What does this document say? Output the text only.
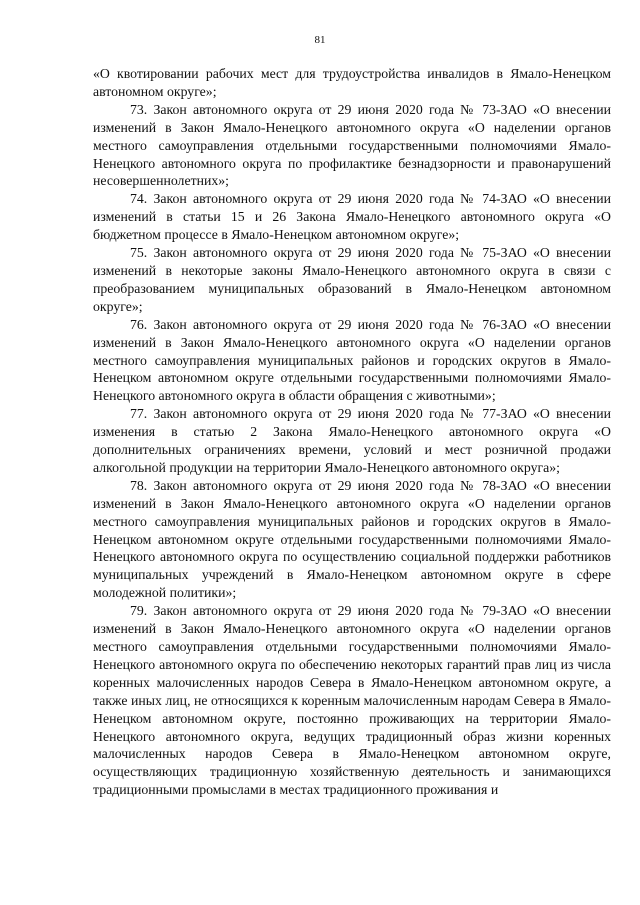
81

«О квотировании рабочих мест для трудоустройства инвалидов в Ямало-Ненецком автономном округе»;

73. Закон автономного округа от 29 июня 2020 года № 73-ЗАО «О внесении изменений в Закон Ямало-Ненецкого автономного округа «О наделении органов местного самоуправления отдельными государственными полномочиями Ямало-Ненецкого автономного округа по профилактике безнадзорности и правонарушений несовершеннолетних»;

74. Закон автономного округа от 29 июня 2020 года № 74-ЗАО «О внесении изменений в статьи 15 и 26 Закона Ямало-Ненецкого автономного округа «О бюджетном процессе в Ямало-Ненецком автономном округе»;

75. Закон автономного округа от 29 июня 2020 года № 75-ЗАО «О внесении изменений в некоторые законы Ямало-Ненецкого автономного округа в связи с преобразованием муниципальных образований в Ямало-Ненецком автономном округе»;

76. Закон автономного округа от 29 июня 2020 года № 76-ЗАО «О внесении изменений в Закон Ямало-Ненецкого автономного округа «О наделении органов местного самоуправления муниципальных районов и городских округов в Ямало-Ненецком автономном округе отдельными государственными полномочиями Ямало-Ненецкого автономного округа в области обращения с животными»;

77. Закон автономного округа от 29 июня 2020 года № 77-ЗАО «О внесении изменения в статью 2 Закона Ямало-Ненецкого автономного округа «О дополнительных ограничениях времени, условий и мест розничной продажи алкогольной продукции на территории Ямало-Ненецкого автономного округа»;

78. Закон автономного округа от 29 июня 2020 года № 78-ЗАО «О внесении изменений в Закон Ямало-Ненецкого автономного округа «О наделении органов местного самоуправления муниципальных районов и городских округов в Ямало-Ненецком автономном округе отдельными государственными полномочиями Ямало-Ненецкого автономного округа по осуществлению социальной поддержки работников муниципальных учреждений в Ямало-Ненецком автономном округе в сфере молодежной политики»;

79. Закон автономного округа от 29 июня 2020 года № 79-ЗАО «О внесении изменений в Закон Ямало-Ненецкого автономного округа «О наделении органов местного самоуправления отдельными государственными полномочиями Ямало-Ненецкого автономного округа по обеспечению некоторых гарантий прав лиц из числа коренных малочисленных народов Севера в Ямало-Ненецком автономном округе, а также иных лиц, не относящихся к коренным малочисленным народам Севера в Ямало-Ненецком автономном округе, постоянно проживающих на территории Ямало-Ненецкого автономного округа, ведущих традиционный образ жизни коренных малочисленных народов Севера в Ямало-Ненецком автономном округе, осуществляющих традиционную хозяйственную деятельность и занимающихся традиционными промыслами в местах традиционного проживания и
